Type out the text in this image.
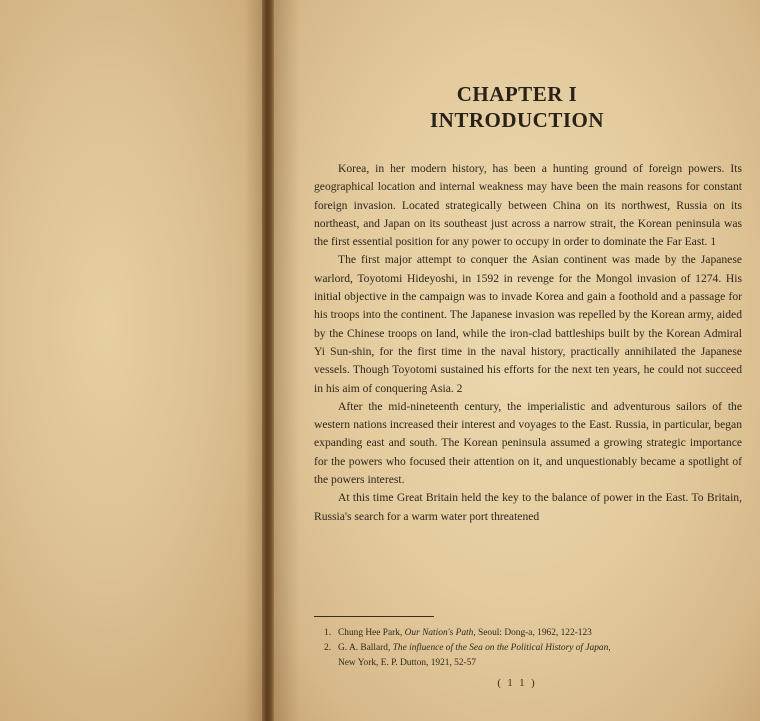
CHAPTER I
INTRODUCTION

Korea, in her modern history, has been a hunting ground of foreign powers. Its geographical location and internal weakness may have been the main reasons for constant foreign invasion. Located strategically between China on its northwest, Russia on its northeast, and Japan on its southeast just across a narrow strait, the Korean peninsula was the first essential position for any power to occupy in order to dominate the Far East. 1

The first major attempt to conquer the Asian continent was made by the Japanese warlord, Toyotomi Hideyoshi, in 1592 in revenge for the Mongol invasion of 1274. His initial objective in the campaign was to invade Korea and gain a foothold and a passage for his troops into the continent. The Japanese invasion was repelled by the Korean army, aided by the Chinese troops on land, while the iron-clad battleships built by the Korean Admiral Yi Sun-shin, for the first time in the naval history, practically annihilated the Japanese vessels. Though Toyotomi sustained his efforts for the next ten years, he could not succeed in his aim of conquering Asia. 2

After the mid-nineteenth century, the imperialistic and adventurous sailors of the western nations increased their interest and voyages to the East. Russia, in particular, began expanding east and south. The Korean peninsula assumed a growing strategic importance for the powers who focused their attention on it, and unquestionably became a spotlight of the powers interest.

At this time Great Britain held the key to the balance of power in the East. To Britain, Russia's search for a warm water port threatened

1. Chung Hee Park, Our Nation's Path, Seoul: Dong-a, 1962, 122-123
2. G. A. Ballard, The influence of the Sea on the Political History of Japan,
New York, E. P. Dutton, 1921, 52-57
( 1 1 )
